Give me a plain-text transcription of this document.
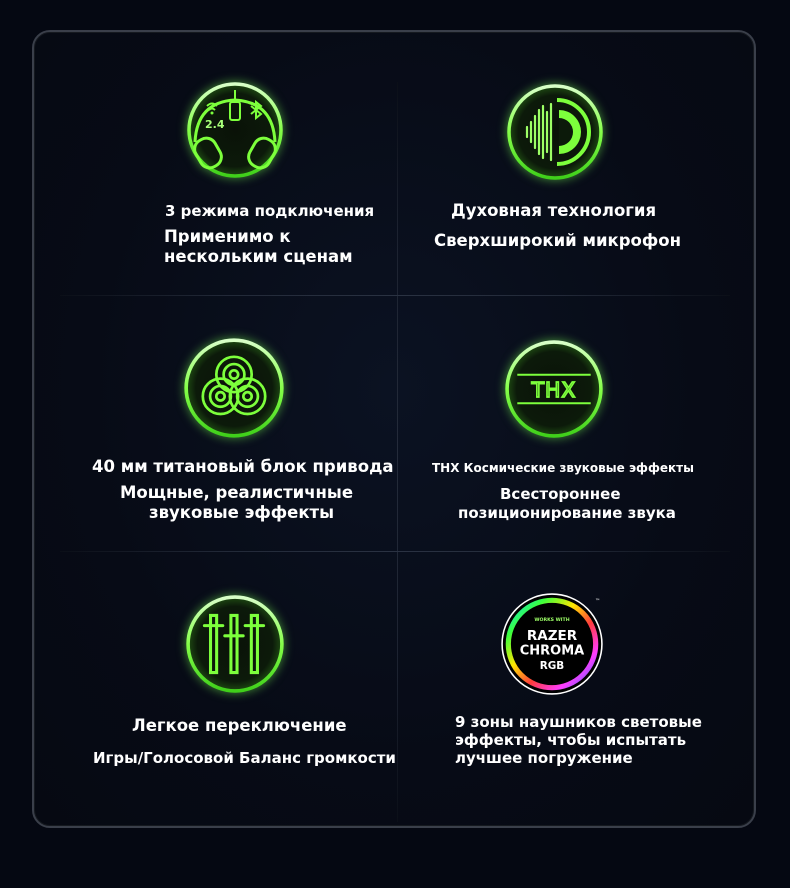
2.4
3 режима подключения
Применимо к
нескольким сценам
Духовная технология
Сверхширокий микрофон
40 мм титановый блок привода
Мощные, реалистичные
звуковые эффекты
THX
THX Космические звуковые эффекты
Всестороннее
позиционирование звука
Легкое переключение
Игры/Голосовой Баланс громкости
WORKS WITH
RAZER
CHROMA
RGB
™
9 зоны наушников световые
эффекты, чтобы испытать
лучшее погружение
